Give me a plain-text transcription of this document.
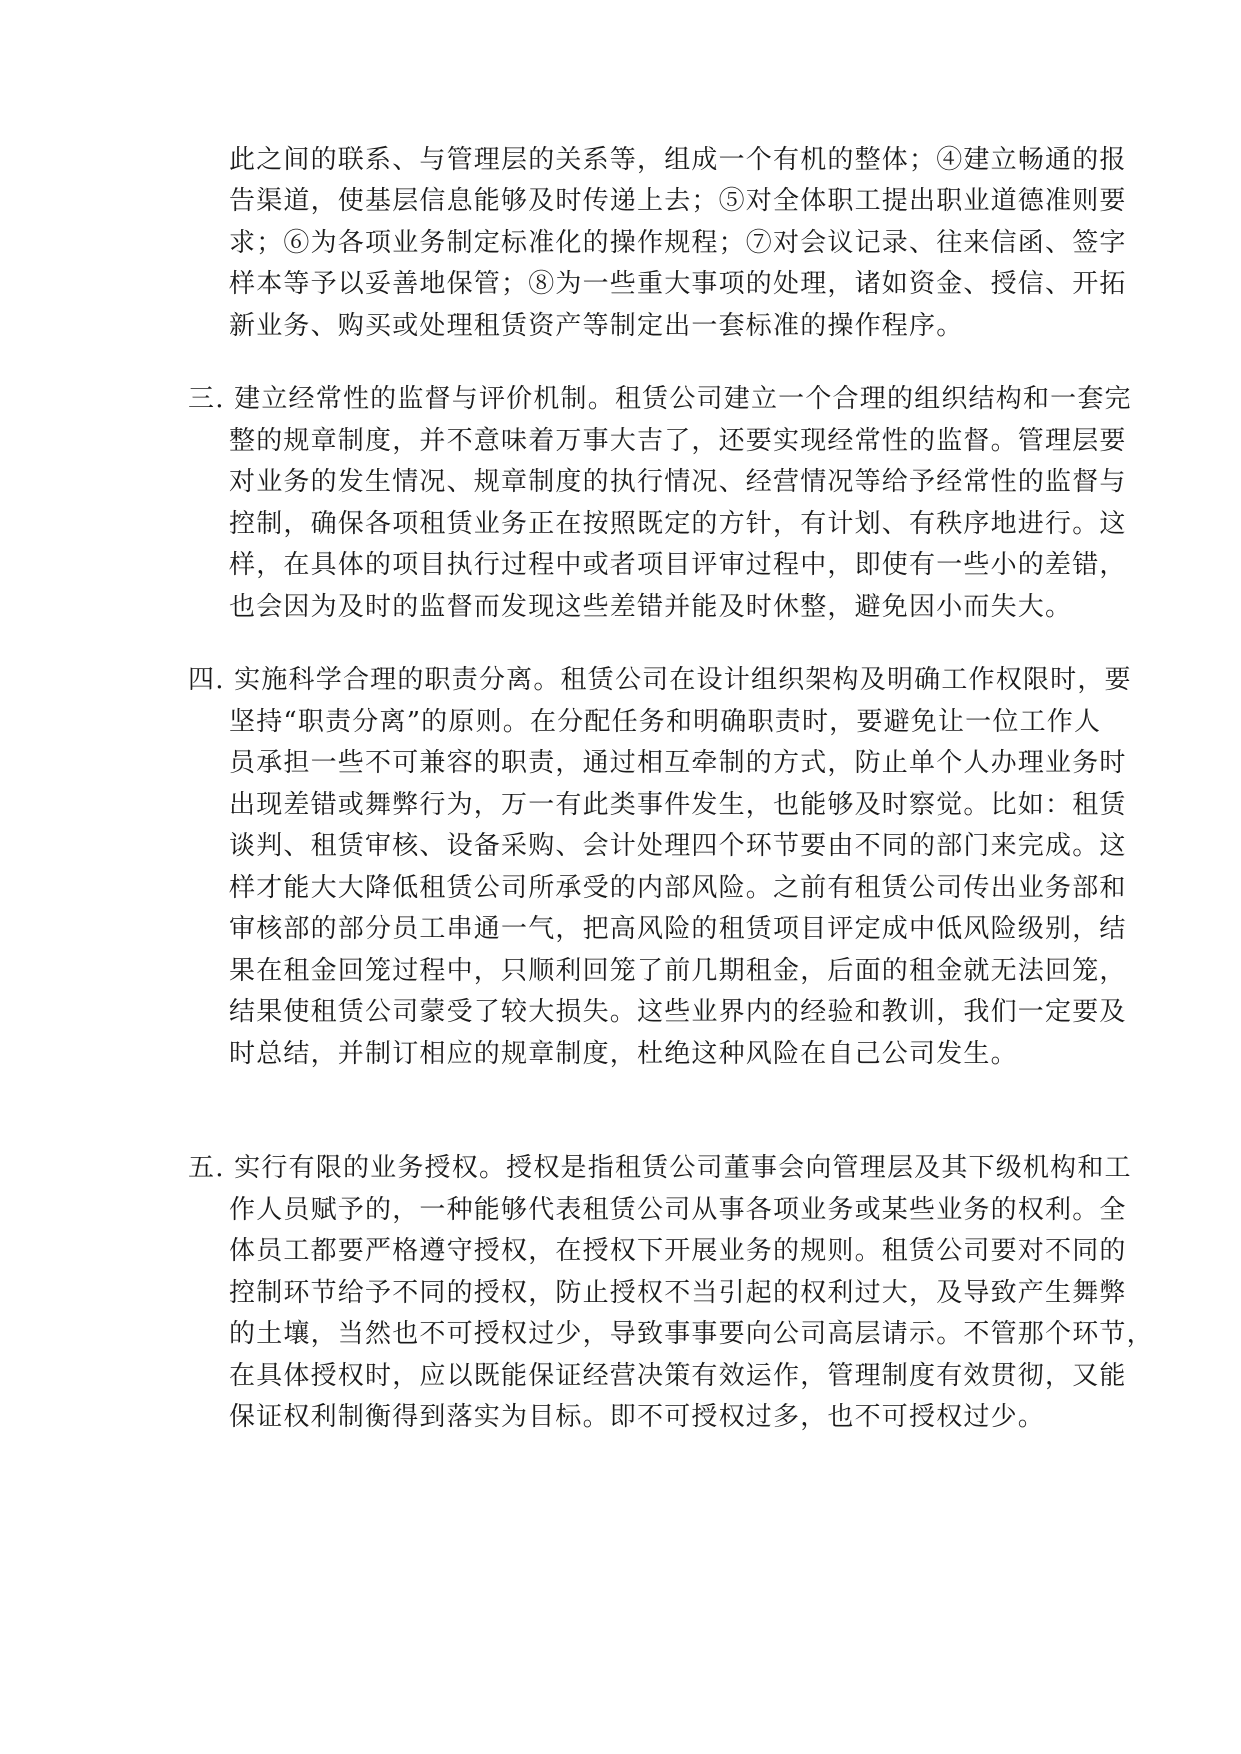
此之间的联系、与管理层的关系等，组成一个有机的整体；④建立畅通的报
告渠道，使基层信息能够及时传递上去；⑤对全体职工提出职业道德准则要
求；⑥为各项业务制定标准化的操作规程；⑦对会议记录、往来信函、签字
样本等予以妥善地保管；⑧为一些重大事项的处理，诸如资金、授信、开拓
新业务、购买或处理租赁资产等制定出一套标准的操作程序。
三. 建立经常性的监督与评价机制。租赁公司建立一个合理的组织结构和一套完
整的规章制度，并不意味着万事大吉了，还要实现经常性的监督。管理层要
对业务的发生情况、规章制度的执行情况、经营情况等给予经常性的监督与
控制，确保各项租赁业务正在按照既定的方针，有计划、有秩序地进行。这
样，在具体的项目执行过程中或者项目评审过程中，即使有一些小的差错，
也会因为及时的监督而发现这些差错并能及时休整，避免因小而失大。
四. 实施科学合理的职责分离。租赁公司在设计组织架构及明确工作权限时，要
坚持“职责分离”的原则。在分配任务和明确职责时，要避免让一位工作人
员承担一些不可兼容的职责，通过相互牵制的方式，防止单个人办理业务时
出现差错或舞弊行为，万一有此类事件发生，也能够及时察觉。比如：租赁
谈判、租赁审核、设备采购、会计处理四个环节要由不同的部门来完成。这
样才能大大降低租赁公司所承受的内部风险。之前有租赁公司传出业务部和
审核部的部分员工串通一气，把高风险的租赁项目评定成中低风险级别，结
果在租金回笼过程中，只顺利回笼了前几期租金，后面的租金就无法回笼，
结果使租赁公司蒙受了较大损失。这些业界内的经验和教训，我们一定要及
时总结，并制订相应的规章制度，杜绝这种风险在自己公司发生。
五. 实行有限的业务授权。授权是指租赁公司董事会向管理层及其下级机构和工
作人员赋予的，一种能够代表租赁公司从事各项业务或某些业务的权利。全
体员工都要严格遵守授权，在授权下开展业务的规则。租赁公司要对不同的
控制环节给予不同的授权，防止授权不当引起的权利过大，及导致产生舞弊
的土壤，当然也不可授权过少，导致事事要向公司高层请示。不管那个环节，
在具体授权时，应以既能保证经营决策有效运作，管理制度有效贯彻，又能
保证权利制衡得到落实为目标。即不可授权过多，也不可授权过少。
